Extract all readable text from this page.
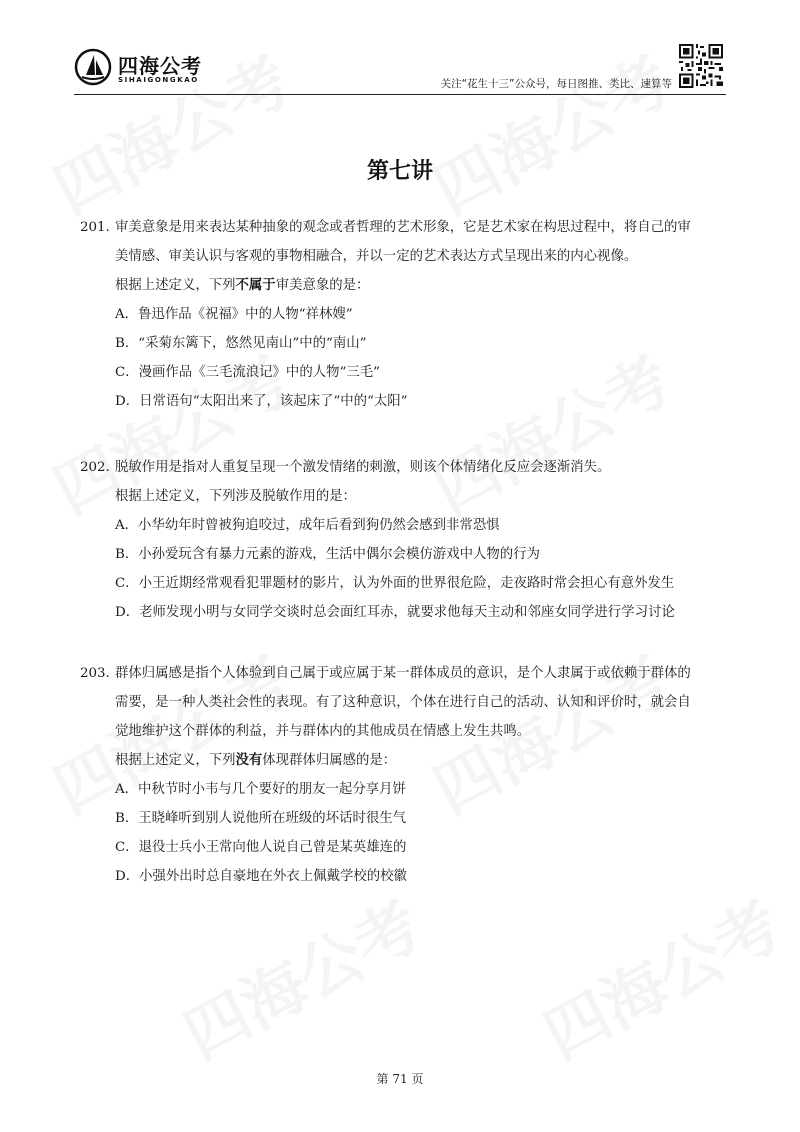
四海公考
SIHAIGONGKAO	关注“花生十三”公众号，每日图推、类比、速算等
第七讲
201. 审美意象是用来表达某种抽象的观念或者哲理的艺术形象，它是艺术家在构思过程中，将自己的审
美情感、审美认识与客观的事物相融合，并以一定的艺术表达方式呈现出来的内心视像。
根据上述定义，下列不属于审美意象的是：
A．鲁迅作品《祝福》中的人物“祥林嫂”
B．“采菊东篱下，悠然见南山”中的“南山”
C．漫画作品《三毛流浪记》中的人物“三毛”
D．日常语句“太阳出来了，该起床了”中的“太阳”
202. 脱敏作用是指对人重复呈现一个激发情绪的刺激，则该个体情绪化反应会逐渐消失。
根据上述定义，下列涉及脱敏作用的是：
A．小华幼年时曾被狗追咬过，成年后看到狗仍然会感到非常恐惧
B．小孙爱玩含有暴力元素的游戏，生活中偶尔会模仿游戏中人物的行为
C．小王近期经常观看犯罪题材的影片，认为外面的世界很危险，走夜路时常会担心有意外发生
D．老师发现小明与女同学交谈时总会面红耳赤，就要求他每天主动和邻座女同学进行学习讨论
203. 群体归属感是指个人体验到自己属于或应属于某一群体成员的意识，是个人隶属于或依赖于群体的
需要，是一种人类社会性的表现。有了这种意识，个体在进行自己的活动、认知和评价时，就会自
觉地维护这个群体的利益，并与群体内的其他成员在情感上发生共鸣。
根据上述定义，下列没有体现群体归属感的是：
A．中秋节时小韦与几个要好的朋友一起分享月饼
B．王晓峰听到别人说他所在班级的坏话时很生气
C．退役士兵小王常向他人说自己曾是某英雄连的
D．小强外出时总自豪地在外衣上佩戴学校的校徽
第 71 页
